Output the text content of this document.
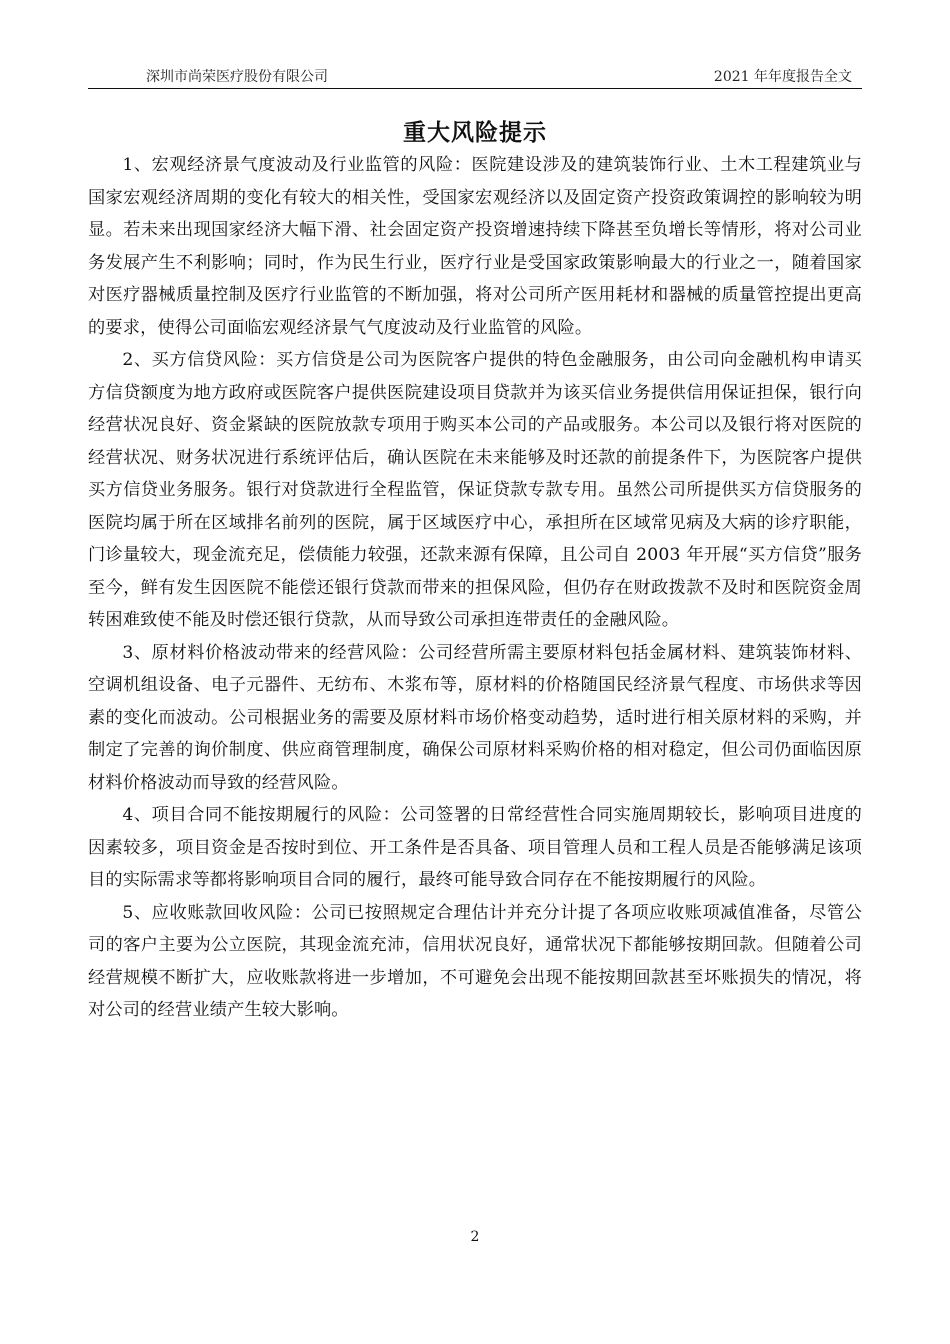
深圳市尚荣医疗股份有限公司	2021 年年度报告全文
重大风险提示

1、宏观经济景气度波动及行业监管的风险：医院建设涉及的建筑装饰行业、土木工程建筑业与国家宏观经济周期的变化有较大的相关性，受国家宏观经济以及固定资产投资政策调控的影响较为明显。若未来出现国家经济大幅下滑、社会固定资产投资增速持续下降甚至负增长等情形，将对公司业务发展产生不利影响；同时，作为民生行业，医疗行业是受国家政策影响最大的行业之一，随着国家对医疗器械质量控制及医疗行业监管的不断加强，将对公司所产医用耗材和器械的质量管控提出更高的要求，使得公司面临宏观经济景气气度波动及行业监管的风险。

2、买方信贷风险：买方信贷是公司为医院客户提供的特色金融服务，由公司向金融机构申请买方信贷额度为地方政府或医院客户提供医院建设项目贷款并为该买信业务提供信用保证担保，银行向经营状况良好、资金紧缺的医院放款专项用于购买本公司的产品或服务。本公司以及银行将对医院的经营状况、财务状况进行系统评估后，确认医院在未来能够及时还款的前提条件下，为医院客户提供买方信贷业务服务。银行对贷款进行全程监管，保证贷款专款专用。虽然公司所提供买方信贷服务的医院均属于所在区域排名前列的医院，属于区域医疗中心，承担所在区域常见病及大病的诊疗职能，门诊量较大，现金流充足，偿债能力较强，还款来源有保障，且公司自 2003 年开展“买方信贷”服务至今，鲜有发生因医院不能偿还银行贷款而带来的担保风险，但仍存在财政拨款不及时和医院资金周转困难致使不能及时偿还银行贷款，从而导致公司承担连带责任的金融风险。

3、原材料价格波动带来的经营风险：公司经营所需主要原材料包括金属材料、建筑装饰材料、空调机组设备、电子元器件、无纺布、木浆布等，原材料的价格随国民经济景气程度、市场供求等因素的变化而波动。公司根据业务的需要及原材料市场价格变动趋势，适时进行相关原材料的采购，并制定了完善的询价制度、供应商管理制度，确保公司原材料采购价格的相对稳定，但公司仍面临因原材料价格波动而导致的经营风险。

4、项目合同不能按期履行的风险：公司签署的日常经营性合同实施周期较长，影响项目进度的因素较多，项目资金是否按时到位、开工条件是否具备、项目管理人员和工程人员是否能够满足该项目的实际需求等都将影响项目合同的履行，最终可能导致合同存在不能按期履行的风险。

5、应收账款回收风险：公司已按照规定合理估计并充分计提了各项应收账项减值准备，尽管公司的客户主要为公立医院，其现金流充沛，信用状况良好，通常状况下都能够按期回款。但随着公司经营规模不断扩大，应收账款将进一步增加，不可避免会出现不能按期回款甚至坏账损失的情况，将对公司的经营业绩产生较大影响。

2
